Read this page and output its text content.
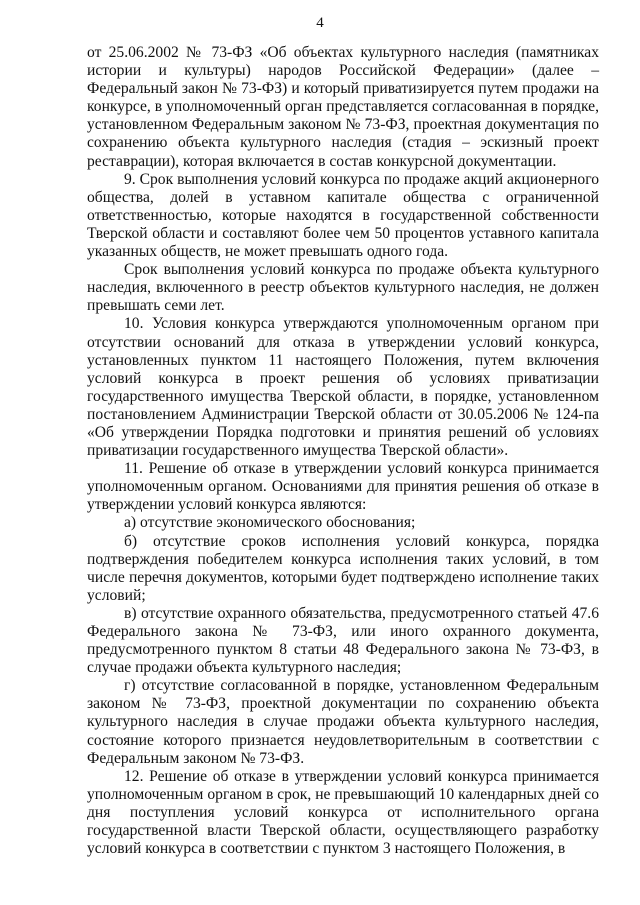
4

от 25.06.2002 № 73-ФЗ «Об объектах культурного наследия (памятниках истории и культуры) народов Российской Федерации» (далее – Федеральный закон № 73-ФЗ) и который приватизируется путем продажи на конкурсе, в уполномоченный орган представляется согласованная в порядке, установленном Федеральным законом № 73-ФЗ, проектная документация по сохранению объекта культурного наследия (стадия – эскизный проект реставрации), которая включается в состав конкурсной документации.

9. Срок выполнения условий конкурса по продаже акций акционерного общества, долей в уставном капитале общества с ограниченной ответственностью, которые находятся в государственной собственности Тверской области и составляют более чем 50 процентов уставного капитала указанных обществ, не может превышать одного года.

Срок выполнения условий конкурса по продаже объекта культурного наследия, включенного в реестр объектов культурного наследия, не должен превышать семи лет.

10. Условия конкурса утверждаются уполномоченным органом при отсутствии оснований для отказа в утверждении условий конкурса, установленных пунктом 11 настоящего Положения, путем включения условий конкурса в проект решения об условиях приватизации государственного имущества Тверской области, в порядке, установленном постановлением Администрации Тверской области от 30.05.2006 № 124-па «Об утверждении Порядка подготовки и принятия решений об условиях приватизации государственного имущества Тверской области».

11. Решение об отказе в утверждении условий конкурса принимается уполномоченным органом. Основаниями для принятия решения об отказе в утверждении условий конкурса являются:

а) отсутствие экономического обоснования;

б) отсутствие сроков исполнения условий конкурса, порядка подтверждения победителем конкурса исполнения таких условий, в том числе перечня документов, которыми будет подтверждено исполнение таких условий;

в) отсутствие охранного обязательства, предусмотренного статьей 47.6 Федерального закона № 73-ФЗ, или иного охранного документа, предусмотренного пунктом 8 статьи 48 Федерального закона № 73-ФЗ, в случае продажи объекта культурного наследия;

г) отсутствие согласованной в порядке, установленном Федеральным законом № 73-ФЗ, проектной документации по сохранению объекта культурного наследия в случае продажи объекта культурного наследия, состояние которого признается неудовлетворительным в соответствии с Федеральным законом № 73-ФЗ.

12. Решение об отказе в утверждении условий конкурса принимается уполномоченным органом в срок, не превышающий 10 календарных дней со дня поступления условий конкурса от исполнительного органа государственной власти Тверской области, осуществляющего разработку условий конкурса в соответствии с пунктом 3 настоящего Положения, в
